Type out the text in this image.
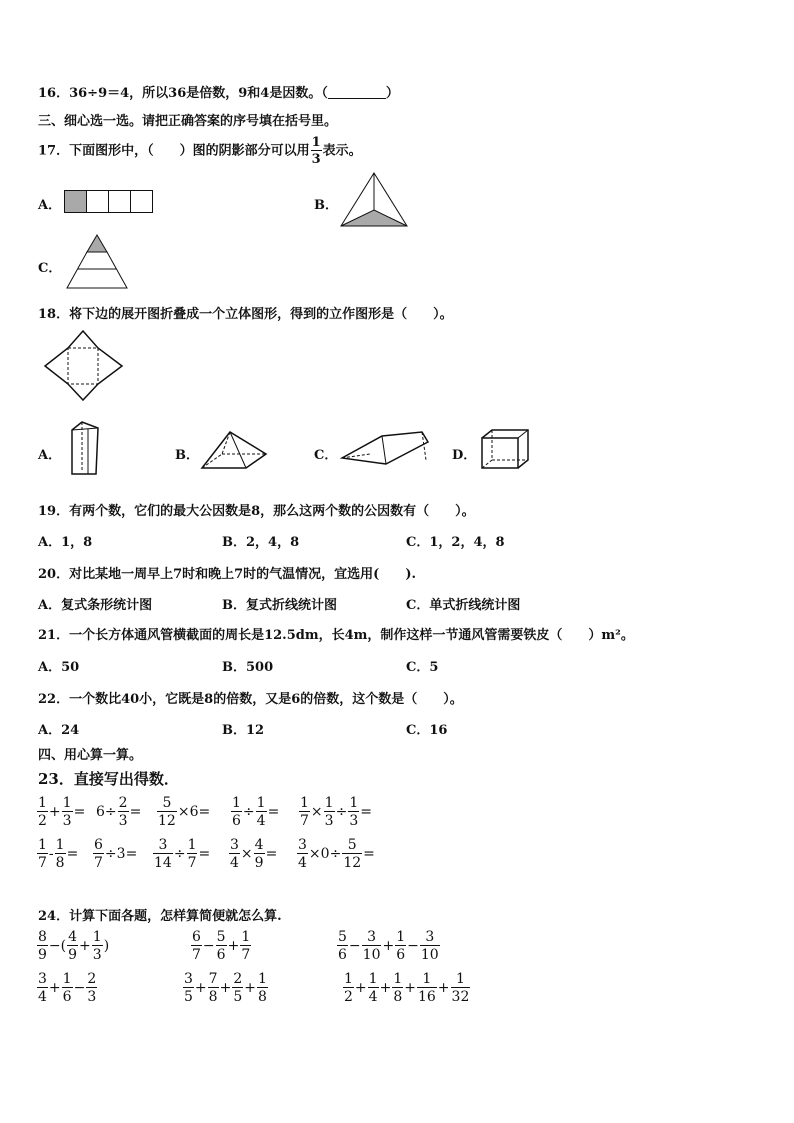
16．36÷9＝4，所以36是倍数，9和4是因数。（	）
三、细心选一选。请把正确答案的序号填在括号里。
17．下面图形中，（　　）图的阴影部分可以用 $\frac{1}{3}$ 表示。
A．	B．
C．
18．将下边的展开图折叠成一个立体图形，得到的立作图形是（　　）。
A．	B．	C．	D．
19．有两个数，它们的最大公因数是8，那么这两个数的公因数有（　　）。
A．1，8	B．2，4，8	C．1，2，4，8
20．对比某地一周早上7时和晚上7时的气温情况，宜选用(　　).
A．复式条形统计图	B．复式折线统计图	C．单式折线统计图
21．一个长方体通风管横截面的周长是12.5dm，长4m，制作这样一节通风管需要铁皮（　　）m²。
A．50	B．500	C．5
22．一个数比40小，它既是8的倍数，又是6的倍数，这个数是（　　）。
A．24	B．12	C．16
四、用心算一算。
23．直接写出得数．
$\frac{1}{2} + \frac{1}{3} = 6\div \frac{2}{3} = \frac{5}{12} \times 6= \frac{1}{6} \div \frac{1}{4} = \frac{1}{7} \times \frac{1}{3} \div \frac{1}{3}$ =
$\frac{1}{7} - \frac{1}{8} = \frac{6}{7} \div 3= \frac{3}{14} \div \frac{1}{7} = \frac{3}{4} \times \frac{4}{9} = \frac{3}{4} \times 0\div \frac{5}{12}$ =
24．计算下面各题，怎样算简便就怎么算.
$\frac{8}{9}$ −( $\frac{4}{9} + \frac{1}{3}$ )	$\frac{6}{7} - \frac{5}{6} + \frac{1}{7}$	$\frac{5}{6} - \frac{3}{10} + \frac{1}{6} - \frac{3}{10}$
$\frac{3}{4} + \frac{1}{6} - \frac{2}{3}$	$\frac{3}{5} + \frac{7}{8} + \frac{2}{5} + \frac{1}{8}$	$\frac{1}{2} + \frac{1}{4} + \frac{1}{8} + \frac{1}{16} + \frac{1}{32}$
